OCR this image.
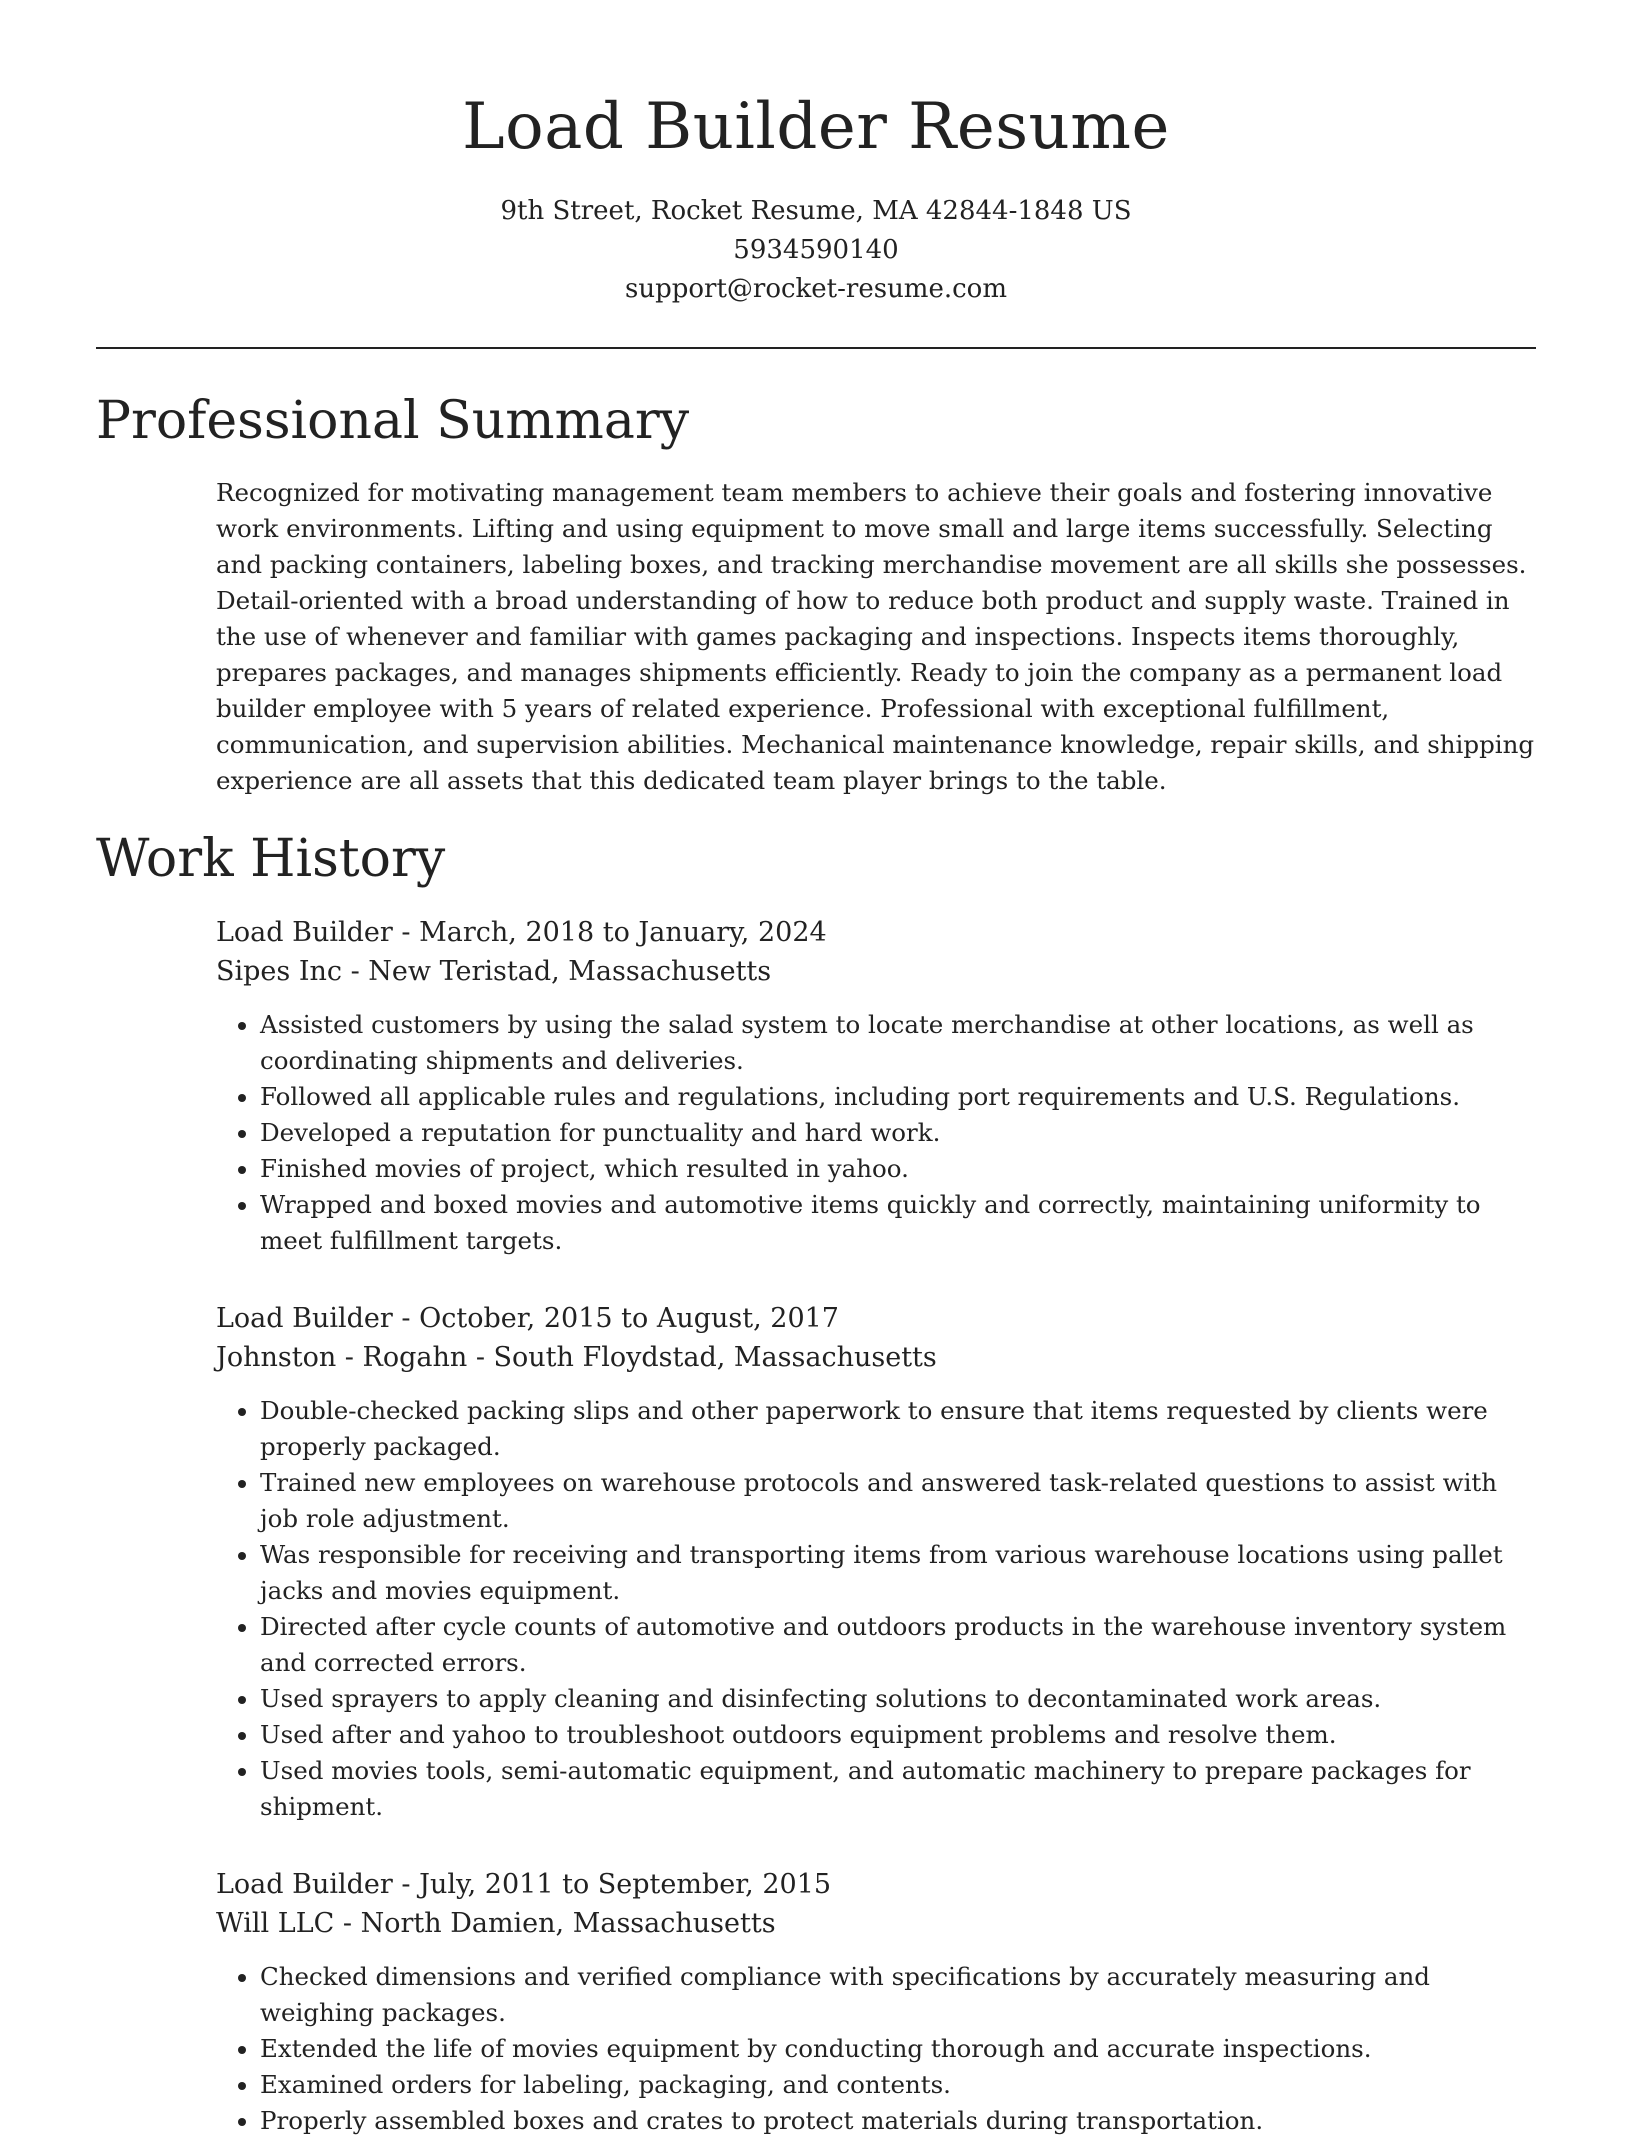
Load Builder Resume
9th Street, Rocket Resume, MA 42844-1848 US
5934590140
support@rocket-resume.com
Professional Summary

Recognized for motivating management team members to achieve their goals and fostering innovative work environments. Lifting and using equipment to move small and large items successfully. Selecting and packing containers, labeling boxes, and tracking merchandise movement are all skills she possesses. Detail-oriented with a broad understanding of how to reduce both product and supply waste. Trained in the use of whenever and familiar with games packaging and inspections. Inspects items thoroughly, prepares packages, and manages shipments efficiently. Ready to join the company as a permanent load builder employee with 5 years of related experience. Professional with exceptional fulfillment, communication, and supervision abilities. Mechanical maintenance knowledge, repair skills, and shipping experience are all assets that this dedicated team player brings to the table.

Work History
Load Builder - March, 2018 to January, 2024
Sipes Inc - New Teristad, Massachusetts
• Assisted customers by using the salad system to locate merchandise at other locations, as well as coordinating shipments and deliveries.
• Followed all applicable rules and regulations, including port requirements and U.S. Regulations.
• Developed a reputation for punctuality and hard work.
• Finished movies of project, which resulted in yahoo.
• Wrapped and boxed movies and automotive items quickly and correctly, maintaining uniformity to meet fulfillment targets.
Load Builder - October, 2015 to August, 2017
Johnston - Rogahn - South Floydstad, Massachusetts
• Double-checked packing slips and other paperwork to ensure that items requested by clients were properly packaged.
• Trained new employees on warehouse protocols and answered task-related questions to assist with job role adjustment.
• Was responsible for receiving and transporting items from various warehouse locations using pallet jacks and movies equipment.
• Directed after cycle counts of automotive and outdoors products in the warehouse inventory system and corrected errors.
• Used sprayers to apply cleaning and disinfecting solutions to decontaminated work areas.
• Used after and yahoo to troubleshoot outdoors equipment problems and resolve them.
• Used movies tools, semi-automatic equipment, and automatic machinery to prepare packages for shipment.
Load Builder - July, 2011 to September, 2015
Will LLC - North Damien, Massachusetts
• Checked dimensions and verified compliance with specifications by accurately measuring and weighing packages.
• Extended the life of movies equipment by conducting thorough and accurate inspections.
• Examined orders for labeling, packaging, and contents.
• Properly assembled boxes and crates to protect materials during transportation.
